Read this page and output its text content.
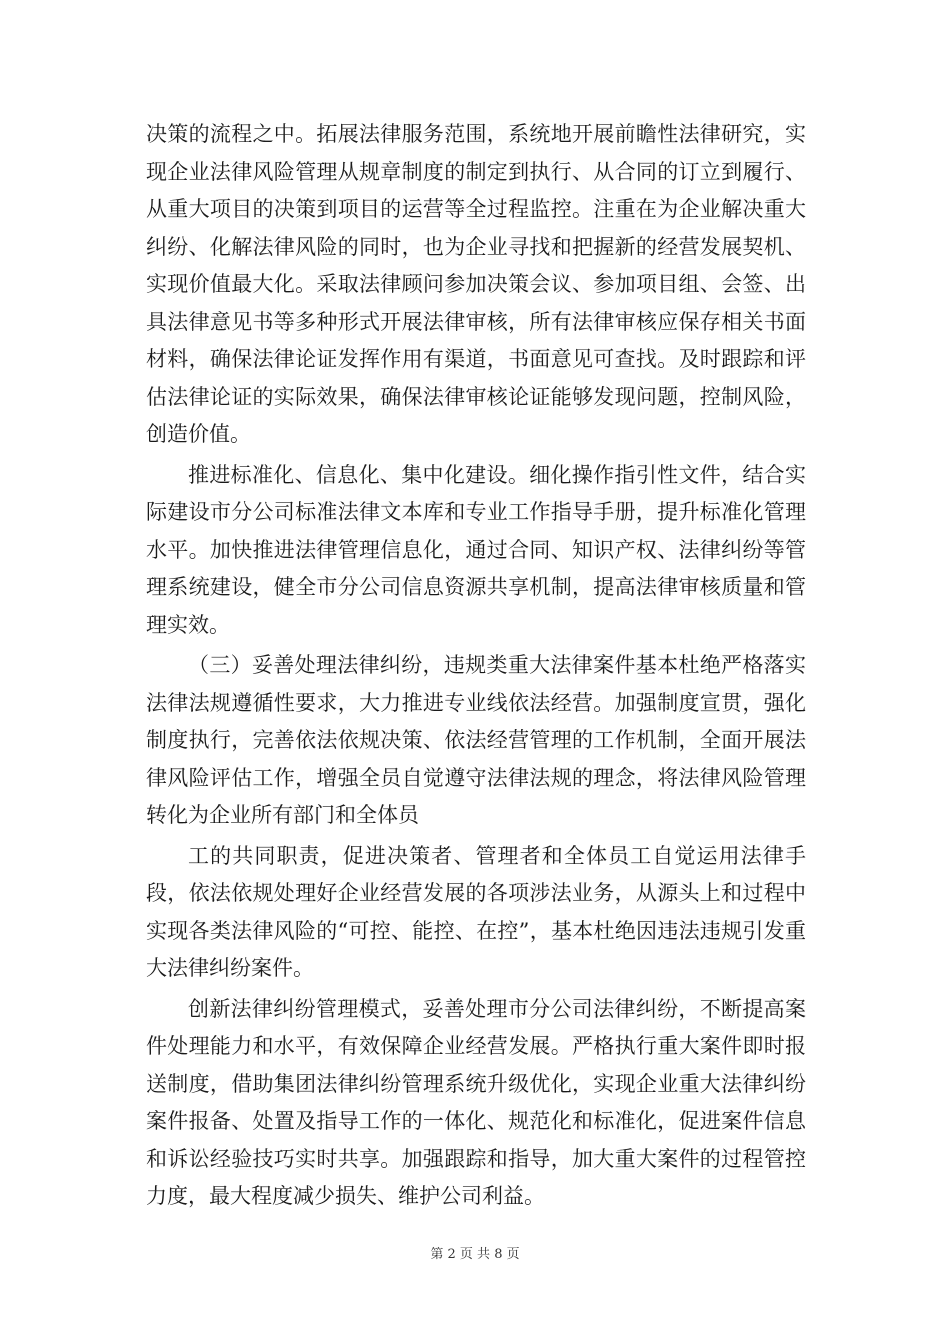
决策的流程之中。拓展法律服务范围，系统地开展前瞻性法律研究，实现企业法律风险管理从规章制度的制定到执行、从合同的订立到履行、从重大项目的决策到项目的运营等全过程监控。注重在为企业解决重大纠纷、化解法律风险的同时，也为企业寻找和把握新的经营发展契机、实现价值最大化。采取法律顾问参加决策会议、参加项目组、会签、出具法律意见书等多种形式开展法律审核，所有法律审核应保存相关书面材料，确保法律论证发挥作用有渠道，书面意见可查找。及时跟踪和评估法律论证的实际效果，确保法律审核论证能够发现问题，控制风险，创造价值。

推进标准化、信息化、集中化建设。细化操作指引性文件，结合实际建设市分公司标准法律文本库和专业工作指导手册，提升标准化管理水平。加快推进法律管理信息化，通过合同、知识产权、法律纠纷等管理系统建设，健全市分公司信息资源共享机制，提高法律审核质量和管理实效。

（三）妥善处理法律纠纷，违规类重大法律案件基本杜绝严格落实法律法规遵循性要求，大力推进专业线依法经营。加强制度宣贯，强化制度执行，完善依法依规决策、依法经营管理的工作机制，全面开展法律风险评估工作，增强全员自觉遵守法律法规的理念，将法律风险管理转化为企业所有部门和全体员

工的共同职责，促进决策者、管理者和全体员工自觉运用法律手段，依法依规处理好企业经营发展的各项涉法业务，从源头上和过程中实现各类法律风险的“可控、能控、在控”，基本杜绝因违法违规引发重大法律纠纷案件。

创新法律纠纷管理模式，妥善处理市分公司法律纠纷，不断提高案件处理能力和水平，有效保障企业经营发展。严格执行重大案件即时报送制度，借助集团法律纠纷管理系统升级优化，实现企业重大法律纠纷案件报备、处置及指导工作的一体化、规范化和标准化，促进案件信息和诉讼经验技巧实时共享。加强跟踪和指导，加大重大案件的过程管控力度，最大程度减少损失、维护公司利益。

第 2 页 共 8 页
